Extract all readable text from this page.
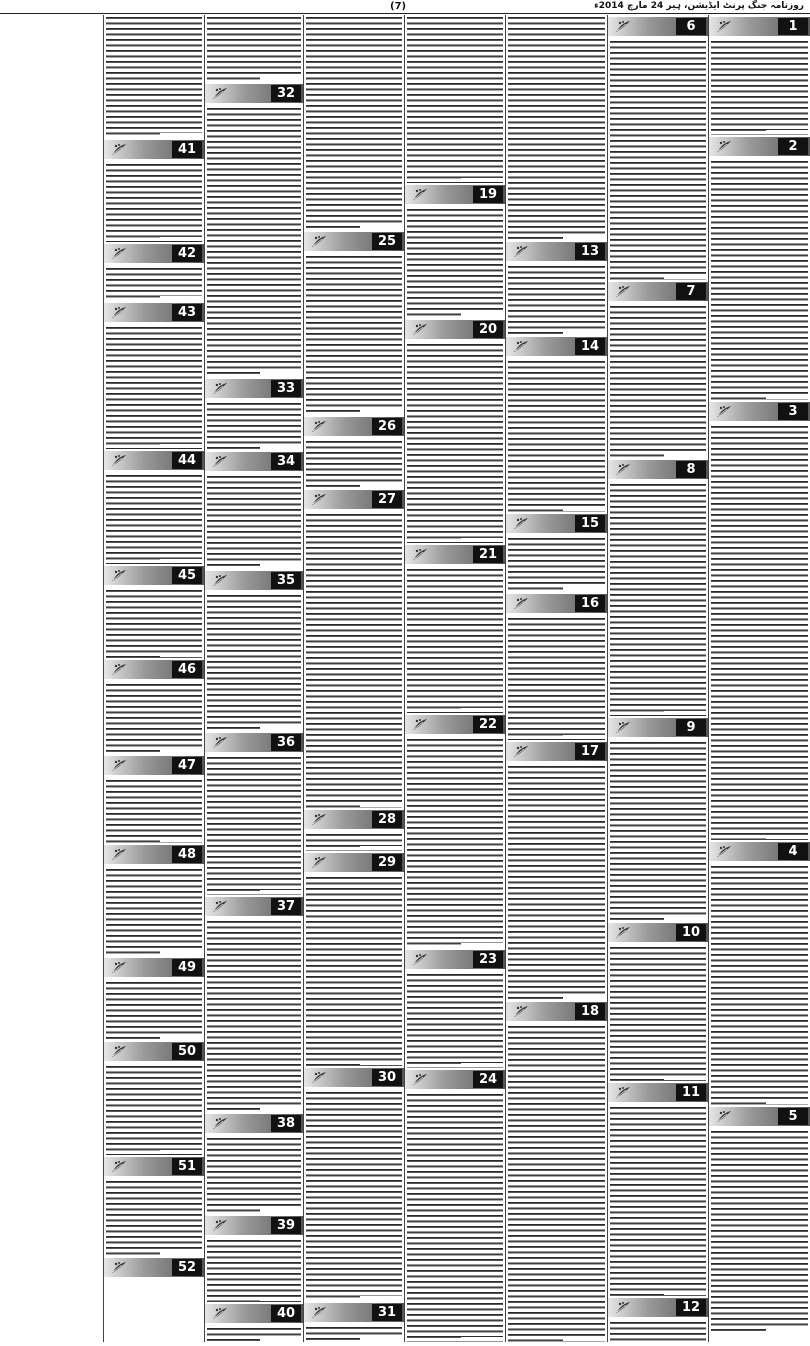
(7)	روزنامہ جنگ پرنٹ ایڈیشن، ہیر 24 مارچ 2014ء
1
2
3
4
5
6
7
8
9
10
11
12
13
14
15
16
17
18
19
20
21
22
23
24
25
26
27
28
29
30
31
32
33
34
35
36
37
38
39
40
41
42
43
44
45
46
47
48
49
50
51
52
